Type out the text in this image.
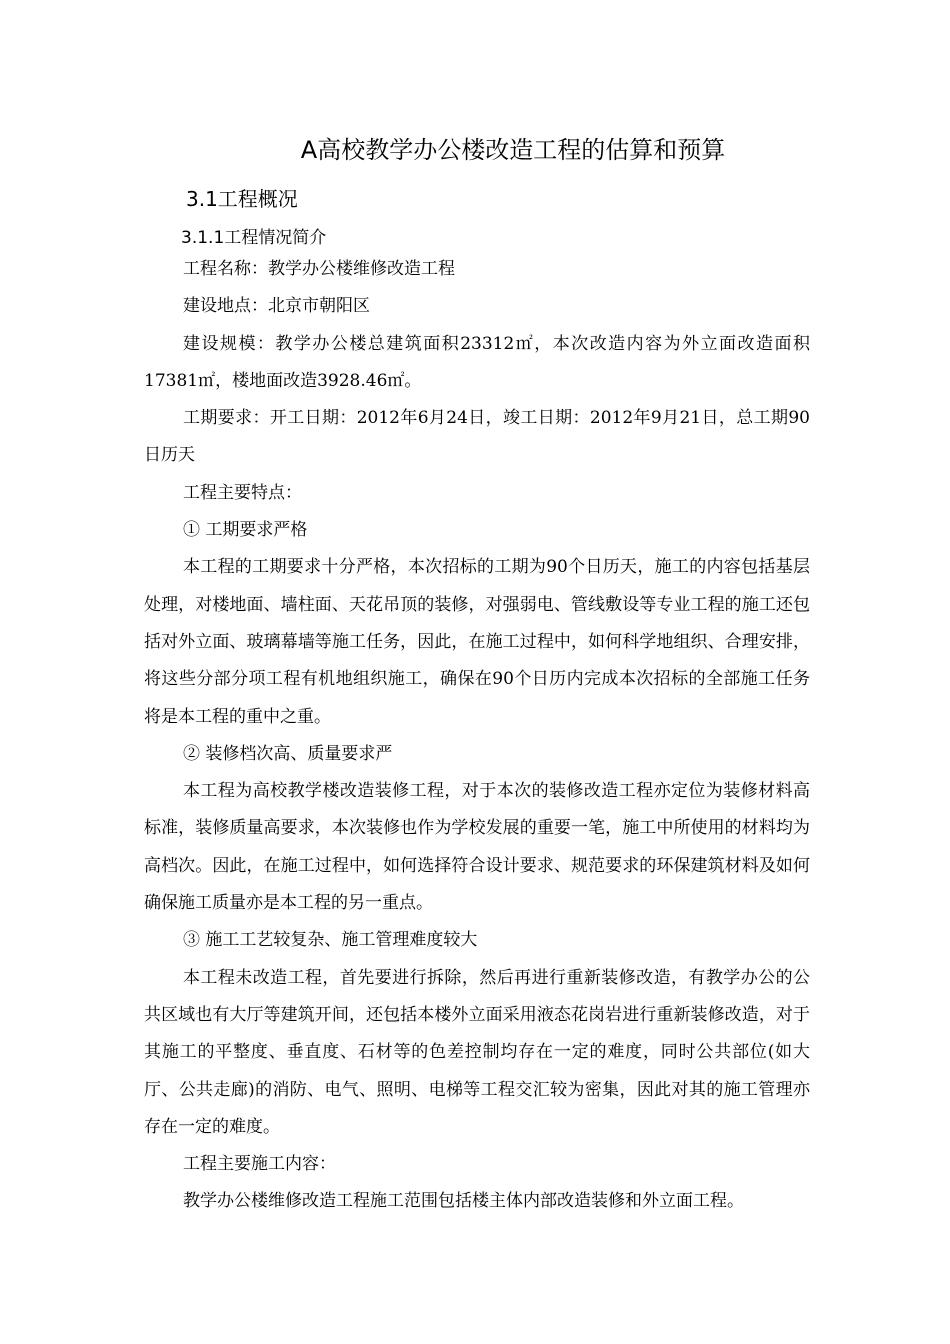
A高校教学办公楼改造工程的估算和预算
3.1工程概况
3.1.1工程情况简介

工程名称：教学办公楼维修改造工程

建设地点：北京市朝阳区

建设规模：教学办公楼总建筑面积23312㎡，本次改造内容为外立面改造面积17381㎡，楼地面改造3928.46㎡。

工期要求：开工日期：2012年6月24日，竣工日期：2012年9月21日，总工期90日历天

工程主要特点：

① 工期要求严格

本工程的工期要求十分严格，本次招标的工期为90个日历天，施工的内容包括基层处理，对楼地面、墙柱面、天花吊顶的装修，对强弱电、管线敷设等专业工程的施工还包括对外立面、玻璃幕墙等施工任务，因此，在施工过程中，如何科学地组织、合理安排，将这些分部分项工程有机地组织施工，确保在90个日历内完成本次招标的全部施工任务将是本工程的重中之重。

② 装修档次高、质量要求严

本工程为高校教学楼改造装修工程，对于本次的装修改造工程亦定位为装修材料高标准，装修质量高要求，本次装修也作为学校发展的重要一笔，施工中所使用的材料均为高档次。因此，在施工过程中，如何选择符合设计要求、规范要求的环保建筑材料及如何确保施工质量亦是本工程的另一重点。

③ 施工工艺较复杂、施工管理难度较大

本工程未改造工程，首先要进行拆除，然后再进行重新装修改造，有教学办公的公共区域也有大厅等建筑开间，还包括本楼外立面采用液态花岗岩进行重新装修改造，对于其施工的平整度、垂直度、石材等的色差控制均存在一定的难度，同时公共部位(如大厅、公共走廊)的消防、电气、照明、电梯等工程交汇较为密集，因此对其的施工管理亦存在一定的难度。

工程主要施工内容：

教学办公楼维修改造工程施工范围包括楼主体内部改造装修和外立面工程。
